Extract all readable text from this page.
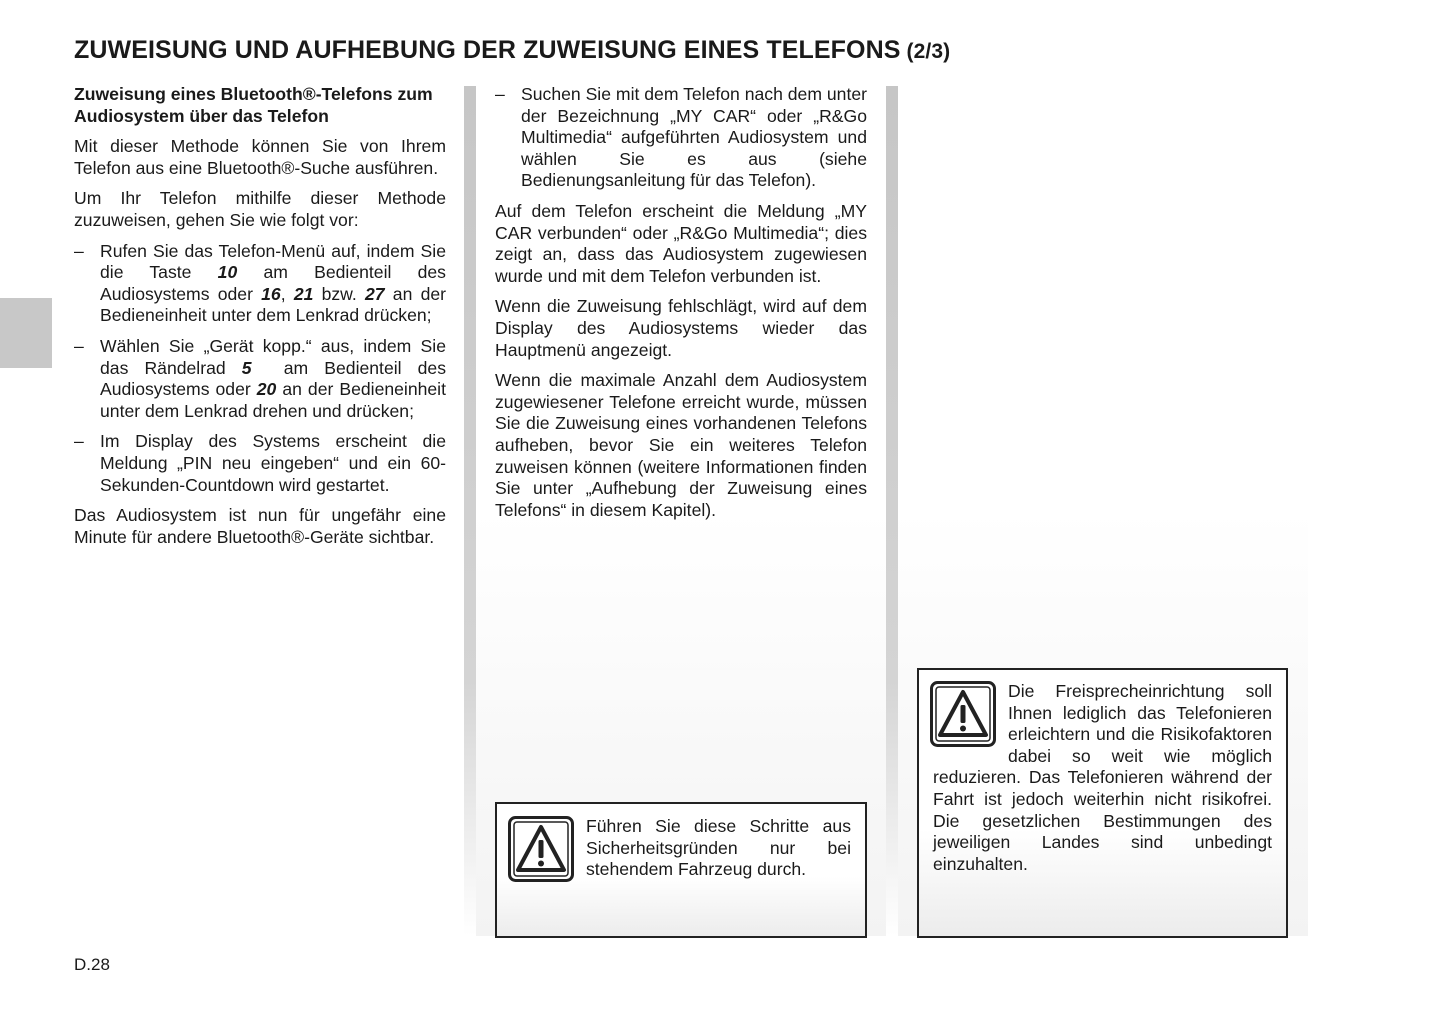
ZUWEISUNG UND AUFHEBUNG DER ZUWEISUNG EINES TELEFONS (2/3)
Zuweisung eines Bluetooth®-Telefons zum Audiosystem über das Telefon

Mit dieser Methode können Sie von Ihrem Telefon aus eine Bluetooth®-Suche ausführen.

Um Ihr Telefon mithilfe dieser Methode zuzuweisen, gehen Sie wie folgt vor:

– Rufen Sie das Telefon-Menü auf, indem Sie die Taste 10 am Bedienteil des Audiosystems oder 16, 21 bzw. 27 an der Bedieneinheit unter dem Lenkrad drücken;
– Wählen Sie „Gerät kopp.“ aus, indem Sie das Rändelrad 5  am Bedienteil des Audiosystems oder 20 an der Bedieneinheit unter dem Lenkrad drehen und drücken;
– Im Display des Systems erscheint die Meldung „PIN neu eingeben“ und ein 60-Sekunden-Countdown wird gestartet.

Das Audiosystem ist nun für ungefähr eine Minute für andere Bluetooth®-Geräte sichtbar.

– Suchen Sie mit dem Telefon nach dem unter der Bezeichnung „MY CAR“ oder „R&Go Multimedia“ aufgeführten Audiosystem und wählen Sie es aus (siehe Bedienungsanleitung für das Telefon).

Auf dem Telefon erscheint die Meldung „MY CAR verbunden“ oder „R&Go Multimedia“; dies zeigt an, dass das Audiosystem zugewiesen wurde und mit dem Telefon verbunden ist.

Wenn die Zuweisung fehlschlägt, wird auf dem Display des Audiosystems wieder das Hauptmenü angezeigt.

Wenn die maximale Anzahl dem Audiosystem zugewiesener Telefone erreicht wurde, müssen Sie die Zuweisung eines vorhandenen Telefons aufheben, bevor Sie ein weiteres Telefon zuweisen können (weitere Informationen finden Sie unter „Aufhebung der Zuweisung eines Telefons“ in diesem Kapitel).

Führen Sie diese Schritte aus Sicherheitsgründen nur bei stehendem Fahrzeug durch.
Die Freisprecheinrichtung soll Ihnen lediglich das Telefonieren erleichtern und die Risikofaktoren dabei so weit wie möglich reduzieren. Das Telefonieren während der Fahrt ist jedoch weiterhin nicht risikofrei. Die gesetzlichen Bestimmungen des jeweiligen Landes sind unbedingt einzuhalten.
D.28
